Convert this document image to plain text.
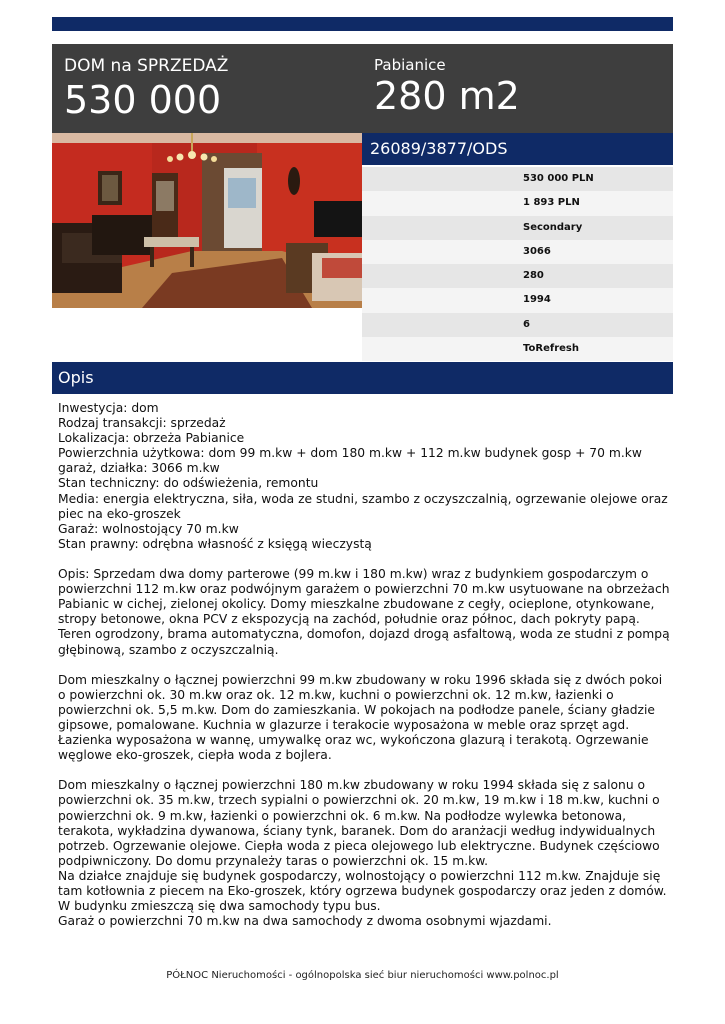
DOM na SPRZEDAŻ
530 000
Pabianice
280 m2
26089/3877/ODS
530 000 PLN
1 893 PLN
Secondary
3066
280
1994
6
ToRefresh
Opis

Inwestycja: dom

Rodzaj transakcji: sprzedaż

Lokalizacja: obrzeża Pabianice

Powierzchnia użytkowa: dom 99 m.kw + dom 180 m.kw + 112 m.kw budynek gosp + 70 m.kw garaż, działka: 3066 m.kw

Stan techniczny: do odświeżenia, remontu

Media: energia elektryczna, siła, woda ze studni, szambo z oczyszczalnią, ogrzewanie olejowe oraz piec na eko-groszek

Garaż: wolnostojący 70 m.kw

Stan prawny: odrębna własność z księgą wieczystą

Opis: Sprzedam dwa domy parterowe (99 m.kw i 180 m.kw) wraz z budynkiem gospodarczym o powierzchni 112 m.kw oraz podwójnym garażem o powierzchni 70 m.kw usytuowane na obrzeżach Pabianic w cichej, zielonej okolicy. Domy mieszkalne zbudowane z cegły, ocieplone, otynkowane, stropy betonowe, okna PCV z ekspozycją na zachód, południe oraz północ, dach pokryty papą. Teren ogrodzony, brama automatyczna, domofon, dojazd drogą asfaltową, woda ze studni z pompą głębinową, szambo z oczyszczalnią.

Dom mieszkalny o łącznej powierzchni 99 m.kw zbudowany w roku 1996 składa się z dwóch pokoi o powierzchni ok. 30 m.kw oraz ok. 12 m.kw, kuchni o powierzchni ok. 12 m.kw, łazienki o powierzchni ok. 5,5 m.kw. Dom do zamieszkania. W pokojach na podłodze panele, ściany gładzie gipsowe, pomalowane. Kuchnia w glazurze i terakocie wyposażona w meble oraz sprzęt agd. Łazienka wyposażona w wannę, umywalkę oraz wc, wykończona glazurą i terakotą. Ogrzewanie węglowe eko-groszek, ciepła woda z bojlera.

Dom mieszkalny o łącznej powierzchni 180 m.kw zbudowany w roku 1994 składa się z salonu o powierzchni ok. 35 m.kw, trzech sypialni o powierzchni ok. 20 m.kw, 19 m.kw i 18 m.kw, kuchni o powierzchni ok. 9 m.kw, łazienki o powierzchni ok. 6 m.kw. Na podłodze wylewka betonowa, terakota, wykładzina dywanowa, ściany tynk, baranek. Dom do aranżacji według indywidualnych potrzeb. Ogrzewanie olejowe. Ciepła woda z pieca olejowego lub elektryczne. Budynek częściowo podpiwniczony. Do domu przynależy taras o powierzchni ok. 15 m.kw.

Na działce znajduje się budynek gospodarczy, wolnostojący o powierzchni 112 m.kw. Znajduje się tam kotłownia z piecem na Eko-groszek, który ogrzewa budynek gospodarczy oraz jeden z domów. W budynku zmieszczą się dwa samochody typu bus.

Garaż o powierzchni 70 m.kw na dwa samochody z dwoma osobnymi wjazdami.

PÓŁNOC Nieruchomości - ogólnopolska sieć biur nieruchomości www.polnoc.pl
